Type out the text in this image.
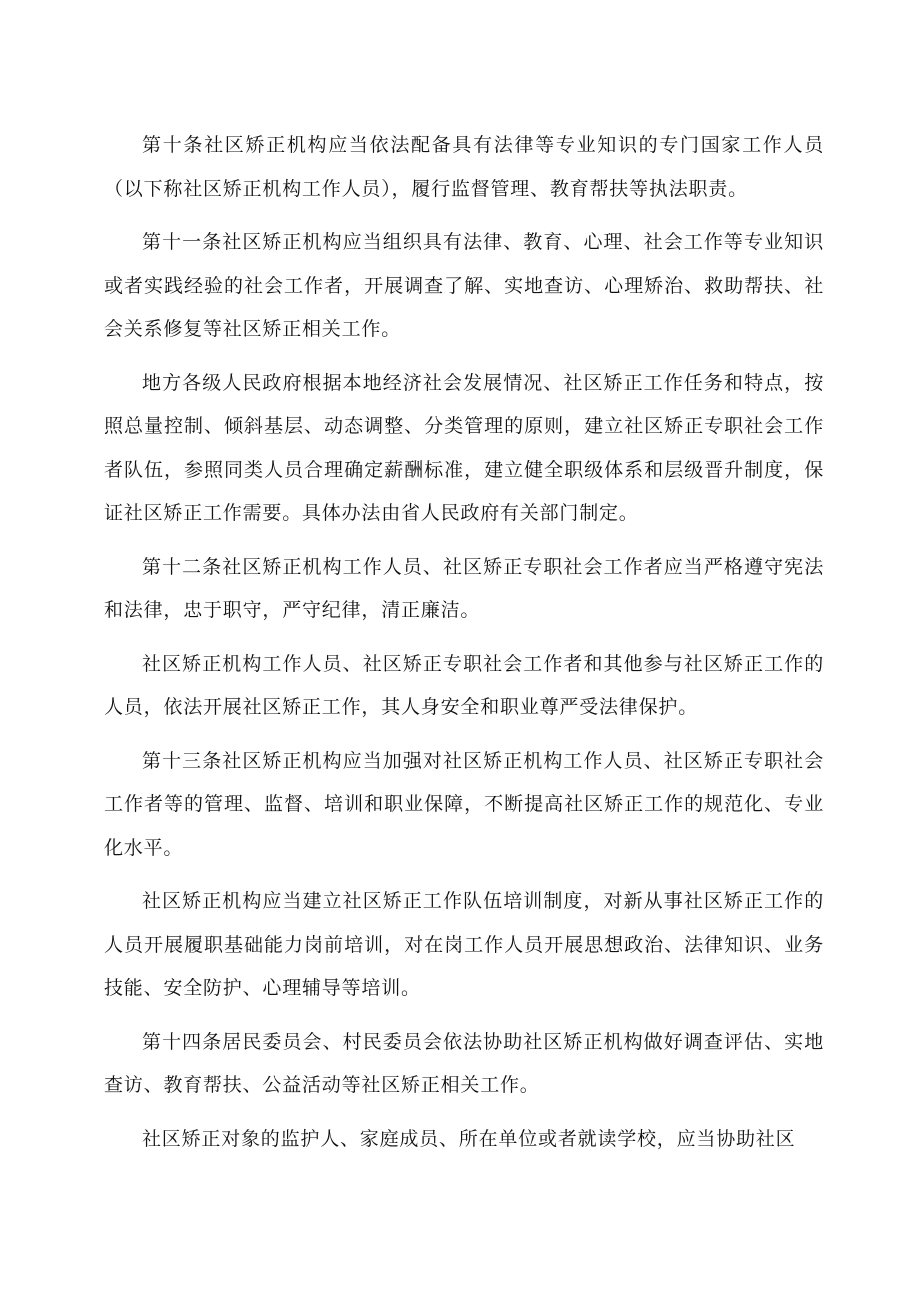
第十条社区矫正机构应当依法配备具有法律等专业知识的专门国家工作人员（以下称社区矫正机构工作人员），履行监督管理、教育帮扶等执法职责。

第十一条社区矫正机构应当组织具有法律、教育、心理、社会工作等专业知识或者实践经验的社会工作者，开展调查了解、实地查访、心理矫治、救助帮扶、社会关系修复等社区矫正相关工作。

地方各级人民政府根据本地经济社会发展情况、社区矫正工作任务和特点，按照总量控制、倾斜基层、动态调整、分类管理的原则，建立社区矫正专职社会工作者队伍，参照同类人员合理确定薪酬标准，建立健全职级体系和层级晋升制度，保证社区矫正工作需要。具体办法由省人民政府有关部门制定。

第十二条社区矫正机构工作人员、社区矫正专职社会工作者应当严格遵守宪法和法律，忠于职守，严守纪律，清正廉洁。

社区矫正机构工作人员、社区矫正专职社会工作者和其他参与社区矫正工作的人员，依法开展社区矫正工作，其人身安全和职业尊严受法律保护。

第十三条社区矫正机构应当加强对社区矫正机构工作人员、社区矫正专职社会工作者等的管理、监督、培训和职业保障，不断提高社区矫正工作的规范化、专业化水平。

社区矫正机构应当建立社区矫正工作队伍培训制度，对新从事社区矫正工作的人员开展履职基础能力岗前培训，对在岗工作人员开展思想政治、法律知识、业务技能、安全防护、心理辅导等培训。

第十四条居民委员会、村民委员会依法协助社区矫正机构做好调查评估、实地查访、教育帮扶、公益活动等社区矫正相关工作。

社区矫正对象的监护人、家庭成员、所在单位或者就读学校，应当协助社区
